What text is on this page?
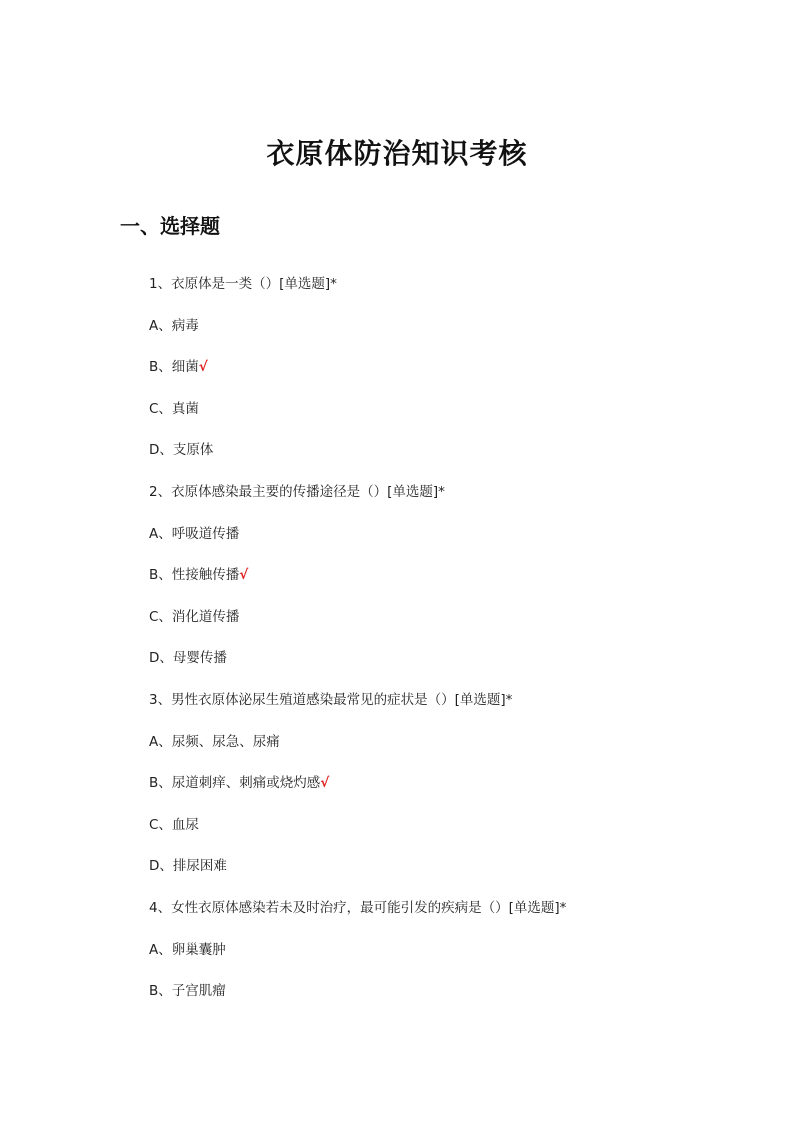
衣原体防治知识考核
一、选择题
1、衣原体是一类（）[单选题]*
A、病毒
B、细菌√
C、真菌
D、支原体
2、衣原体感染最主要的传播途径是（）[单选题]*
A、呼吸道传播
B、性接触传播√
C、消化道传播
D、母婴传播
3、男性衣原体泌尿生殖道感染最常见的症状是（）[单选题]*
A、尿频、尿急、尿痛
B、尿道刺痒、刺痛或烧灼感√
C、血尿
D、排尿困难
4、女性衣原体感染若未及时治疗，最可能引发的疾病是（）[单选题]*
A、卵巢囊肿
B、子宫肌瘤
